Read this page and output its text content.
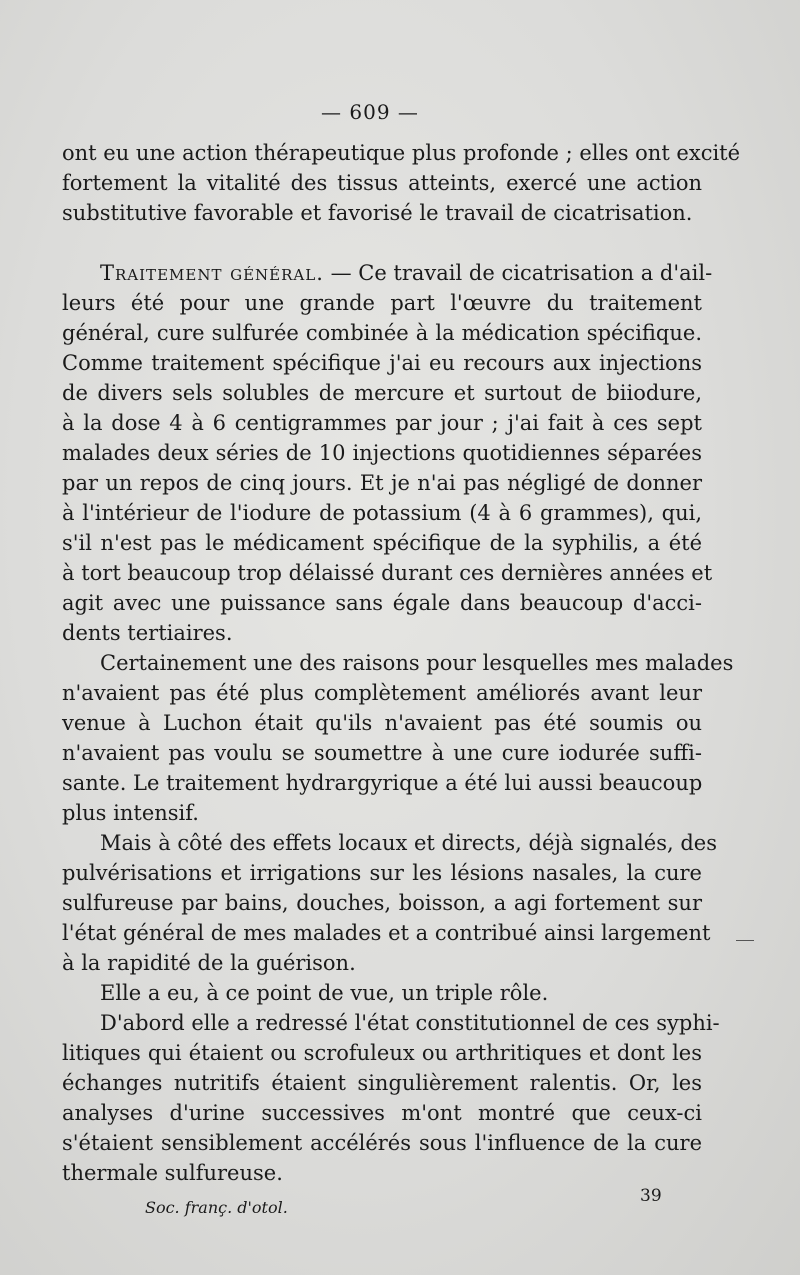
— 609 —

ont eu une action thérapeutique plus profonde ; elles ont excité
fortement la vitalité des tissus atteints, exercé une action
substitutive favorable et favorisé le travail de cicatrisation.

Traitement général. — Ce travail de cicatrisation a d'ail-
leurs été pour une grande part l'œuvre du traitement
général, cure sulfurée combinée à la médication spécifique.
Comme traitement spécifique j'ai eu recours aux injections
de divers sels solubles de mercure et surtout de biiodure,
à la dose 4 à 6 centigrammes par jour ; j'ai fait à ces sept
malades deux séries de 10 injections quotidiennes séparées
par un repos de cinq jours. Et je n'ai pas négligé de donner
à l'intérieur de l'iodure de potassium (4 à 6 grammes), qui,
s'il n'est pas le médicament spécifique de la syphilis, a été
à tort beaucoup trop délaissé durant ces dernières années et
agit avec une puissance sans égale dans beaucoup d'acci-
dents tertiaires.

Certainement une des raisons pour lesquelles mes malades
n'avaient pas été plus complètement améliorés avant leur
venue à Luchon était qu'ils n'avaient pas été soumis ou
n'avaient pas voulu se soumettre à une cure iodurée suffi-
sante. Le traitement hydrargyrique a été lui aussi beaucoup
plus intensif.

Mais à côté des effets locaux et directs, déjà signalés, des
pulvérisations et irrigations sur les lésions nasales, la cure
sulfureuse par bains, douches, boisson, a agi fortement sur
l'état général de mes malades et a contribué ainsi largement
à la rapidité de la guérison.

Elle a eu, à ce point de vue, un triple rôle.

D'abord elle a redressé l'état constitutionnel de ces syphi-
litiques qui étaient ou scrofuleux ou arthritiques et dont les
échanges nutritifs étaient singulièrement ralentis. Or, les
analyses d'urine successives m'ont montré que ceux-ci
s'étaient sensiblement accélérés sous l'influence de la cure
thermale sulfureuse.

Soc. franç. d'otol.
39
